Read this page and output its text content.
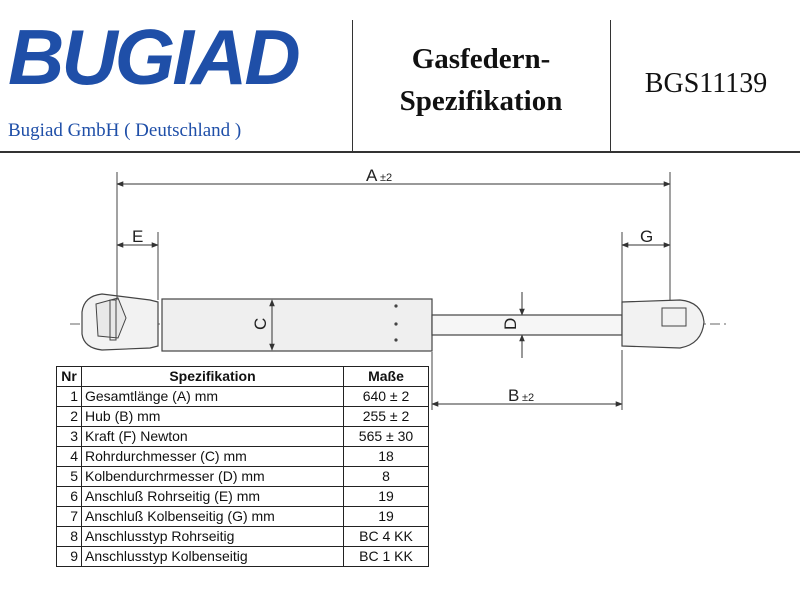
BUGIAD
Bugiad GmbH ( Deutschland )
Gasfedern-
Spezifikation
BGS11139
A ±2
E	G
C	D
B ±2
Nr	Spezifikation	Maße
1	Gesamtlänge (A) mm	640 ± 2
2	Hub (B) mm	255 ± 2
3	Kraft (F) Newton	565 ± 30
4	Rohrdurchmesser (C) mm	18
5	Kolbendurchrmesser (D) mm	8
6	Anschluß Rohrseitig (E) mm	19
7	Anschluß Kolbenseitig (G) mm	19
8	Anschlusstyp Rohrseitig	BC 4 KK
9	Anschlusstyp Kolbenseitig	BC 1 KK
